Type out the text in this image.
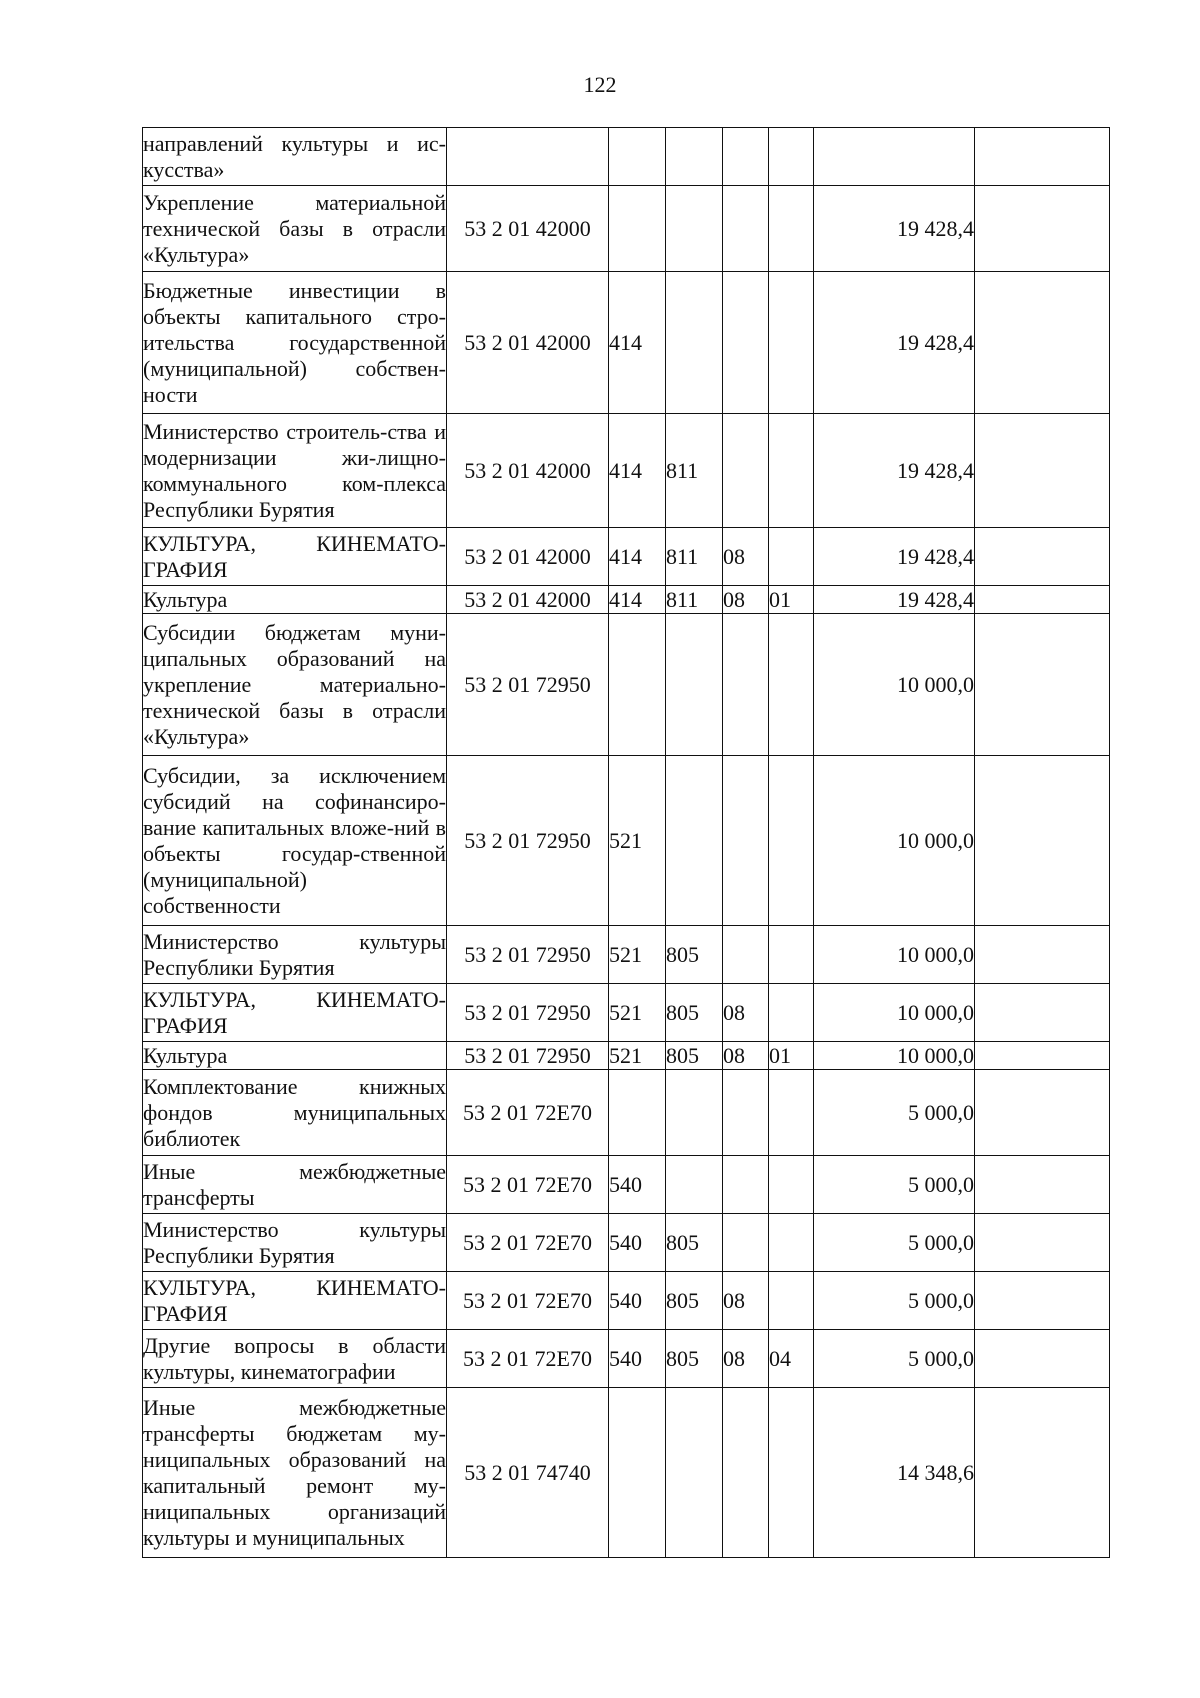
122
направлений культуры и ис-кусства»							
Укрепление материальной технической базы в отрасли «Культура»	53 2 01 42000					19 428,4	
Бюджетные инвестиции в объекты капитального стро-ительства государственной (муниципальной) собствен-ности	53 2 01 42000	414				19 428,4	
Министерство строитель-ства и модернизации жи-лищно-коммунального ком-плекса Республики Бурятия	53 2 01 42000	414	811			19 428,4	
КУЛЬТУРА, КИНЕМАТО-ГРАФИЯ	53 2 01 42000	414	811	08		19 428,4	
Культура	53 2 01 42000	414	811	08	01	19 428,4	
Субсидии бюджетам муни-ципальных образований на укрепление материально-технической базы в отрасли «Культура»	53 2 01 72950					10 000,0	
Субсидии, за исключением субсидий на софинансиро-вание капитальных вложе-ний в объекты государ-ственной (муниципальной) собственности	53 2 01 72950	521				10 000,0	
Министерство культуры Республики Бурятия	53 2 01 72950	521	805			10 000,0	
КУЛЬТУРА, КИНЕМАТО-ГРАФИЯ	53 2 01 72950	521	805	08		10 000,0	
Культура	53 2 01 72950	521	805	08	01	10 000,0	
Комплектование книжных фондов муниципальных библиотек	53 2 01 72E70					5 000,0	
Иные межбюджетные трансферты	53 2 01 72E70	540				5 000,0	
Министерство культуры Республики Бурятия	53 2 01 72E70	540	805			5 000,0	
КУЛЬТУРА, КИНЕМАТО-ГРАФИЯ	53 2 01 72E70	540	805	08		5 000,0	
Другие вопросы в области культуры, кинематографии	53 2 01 72E70	540	805	08	04	5 000,0	
Иные межбюджетные трансферты бюджетам му-ниципальных образований на капитальный ремонт му-ниципальных организаций культуры и муниципальных	53 2 01 74740					14 348,6	
